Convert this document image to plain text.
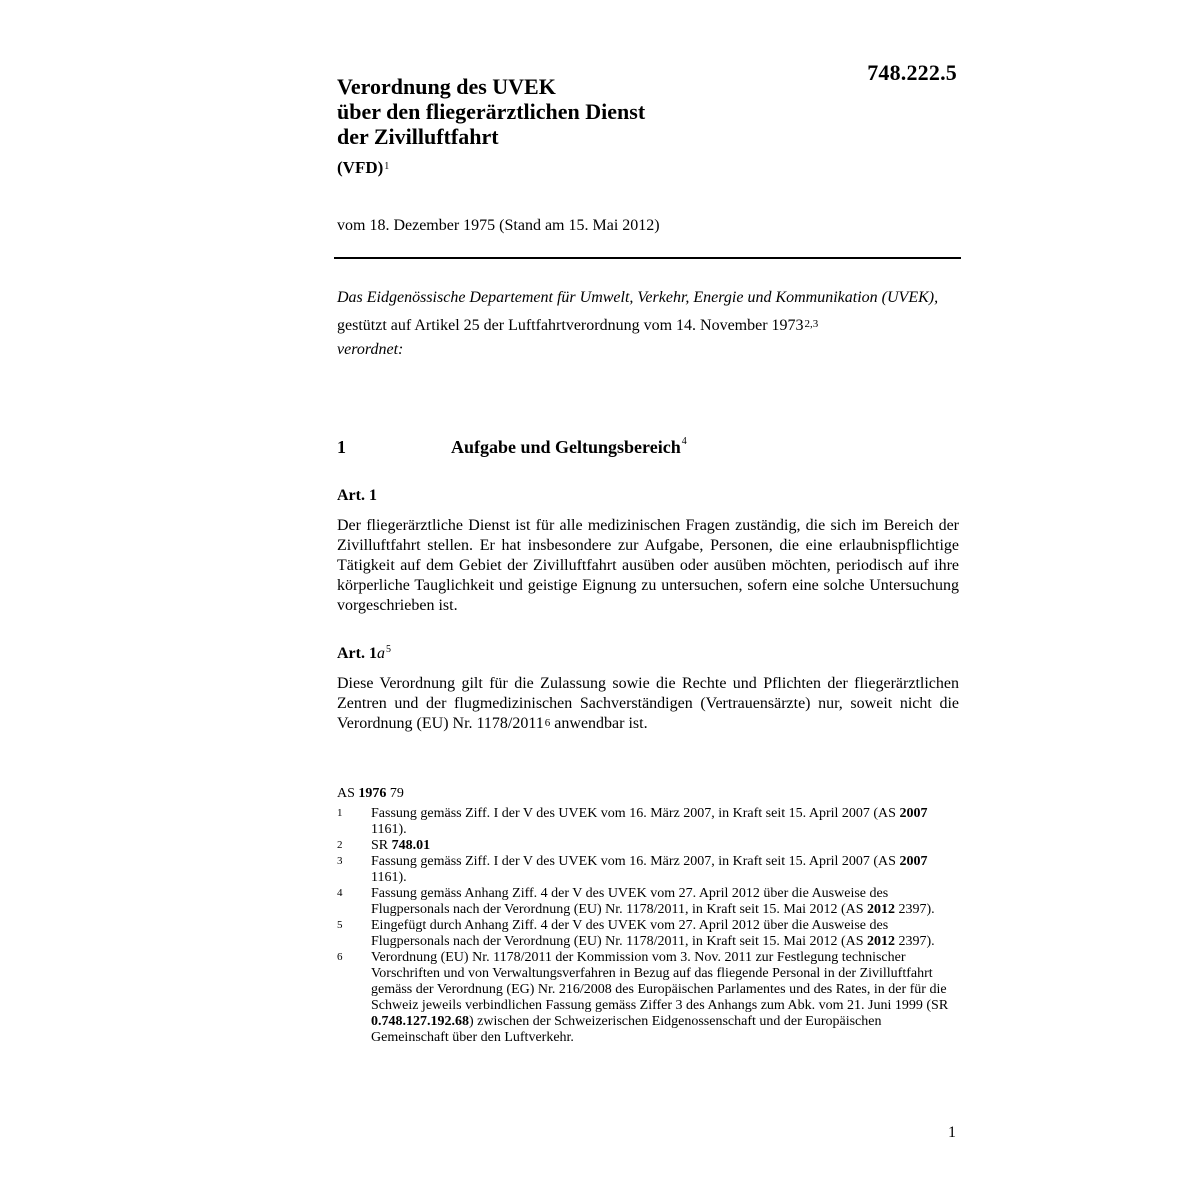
748.222.5
Verordnung des UVEK
über den fliegerärztlichen Dienst
der Zivilluftfahrt
(VFD)$^1$
vom 18. Dezember 1975 (Stand am 15. Mai 2012)
Das Eidgenössische Departement für Umwelt, Verkehr, Energie und Kommunikation (UVEK),
gestützt auf Artikel 25 der Luftfahrtverordnung vom 14. November 1973$^{2,3}$
verordnet:
1	Aufgabe und Geltungsbereich$^4$
Art. 1
Der fliegerärztliche Dienst ist für alle medizinischen Fragen zuständig, die sich im Bereich der Zivilluftfahrt stellen. Er hat insbesondere zur Aufgabe, Personen, die eine erlaubnispflichtige Tätigkeit auf dem Gebiet der Zivilluftfahrt ausüben oder ausüben möchten, periodisch auf ihre körperliche Tauglichkeit und geistige Eignung zu untersuchen, sofern eine solche Untersuchung vorgeschrieben ist.
Art. $1a^5$
Diese Verordnung gilt für die Zulassung sowie die Rechte und Pflichten der fliegerärztlichen Zentren und der flugmedizinischen Sachverständigen (Vertrauensärzte) nur, soweit nicht die Verordnung (EU) Nr. 1178/2011$^6$ anwendbar ist.
AS 1976 79
1	Fassung gemäss Ziff. I der V des UVEK vom 16. März 2007, in Kraft seit 15. April 2007 (AS 2007 1161).
2	SR 748.01
3	Fassung gemäss Ziff. I der V des UVEK vom 16. März 2007, in Kraft seit 15. April 2007 (AS 2007 1161).
4	Fassung gemäss Anhang Ziff. 4 der V des UVEK vom 27. April 2012 über die Ausweise des Flugpersonals nach der Verordnung (EU) Nr. 1178/2011, in Kraft seit 15. Mai 2012 (AS 2012 2397).
5	Eingefügt durch Anhang Ziff. 4 der V des UVEK vom 27. April 2012 über die Ausweise des Flugpersonals nach der Verordnung (EU) Nr. 1178/2011, in Kraft seit 15. Mai 2012 (AS 2012 2397).
6	Verordnung (EU) Nr. 1178/2011 der Kommission vom 3. Nov. 2011 zur Festlegung technischer Vorschriften und von Verwaltungsverfahren in Bezug auf das fliegende Personal in der Zivilluftfahrt gemäss der Verordnung (EG) Nr. 216/2008 des Europäischen Parlamentes und des Rates, in der für die Schweiz jeweils verbindlichen Fassung gemäss Ziffer 3 des Anhangs zum Abk. vom 21. Juni 1999 (SR 0.748.127.192.68) zwischen der Schweizerischen Eidgenossenschaft und der Europäischen Gemeinschaft über den Luftverkehr.
1
